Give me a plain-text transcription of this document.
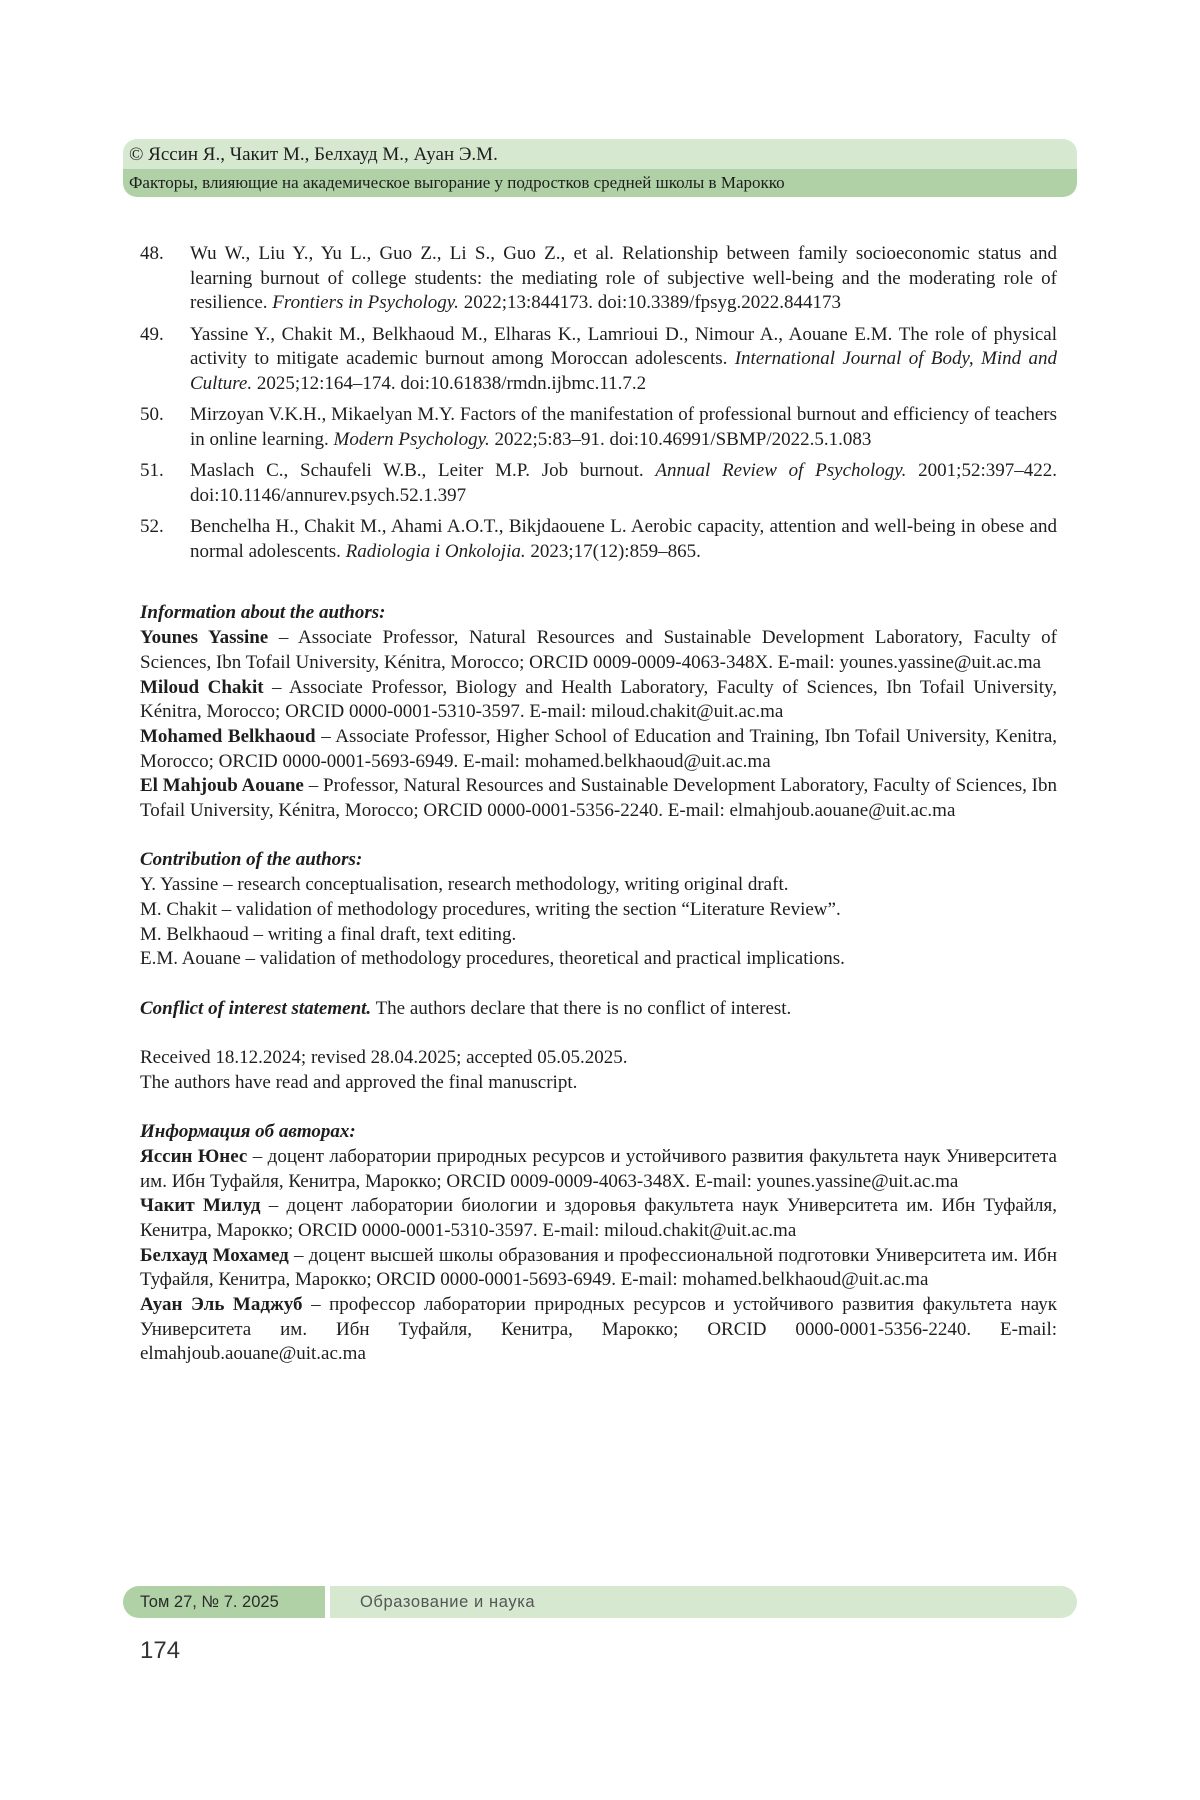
© Яссин Я., Чакит М., Белхауд М., Ауан Э.М.
Факторы, влияющие на академическое выгорание у подростков средней школы в Марокко
48.	Wu W., Liu Y., Yu L., Guo Z., Li S., Guo Z., et al. Relationship between family socioeconomic status and learning burnout of college students: the mediating role of subjective well-being and the moderating role of resilience. Frontiers in Psychology. 2022;13:844173. doi:10.3389/fpsyg.2022.844173
49.	Yassine Y., Chakit M., Belkhaoud M., Elharas K., Lamrioui D., Nimour A., Aouane E.M. The role of physical activity to mitigate academic burnout among Moroccan adolescents. International Journal of Body, Mind and Culture. 2025;12:164–174. doi:10.61838/rmdn.ijbmc.11.7.2
50.	Mirzoyan V.K.H., Mikaelyan M.Y. Factors of the manifestation of professional burnout and efficiency of teachers in online learning. Modern Psychology. 2022;5:83–91. doi:10.46991/SBMP/2022.5.1.083
51.	Maslach C., Schaufeli W.B., Leiter M.P. Job burnout. Annual Review of Psychology. 2001;52:397–422. doi:10.1146/annurev.psych.52.1.397
52.	Benchelha H., Chakit M., Ahami A.O.T., Bikjdaouene L. Aerobic capacity, attention and well-being in obese and normal adolescents. Radiologia i Onkolojia. 2023;17(12):859–865.

Information about the authors:

Younes Yassine – Associate Professor, Natural Resources and Sustainable Development Laboratory, Faculty of Sciences, Ibn Tofail University, Kénitra, Morocco; ORCID 0009-0009-4063-348X. E-mail: younes.yassine@uit.ac.ma

Miloud Chakit – Associate Professor, Biology and Health Laboratory, Faculty of Sciences, Ibn Tofail University, Kénitra, Morocco; ORCID 0000-0001-5310-3597. E-mail: miloud.chakit@uit.ac.ma

Mohamed Belkhaoud – Associate Professor, Higher School of Education and Training, Ibn Tofail University, Kenitra, Morocco; ORCID 0000-0001-5693-6949. E-mail: mohamed.belkhaoud@uit.ac.ma

El Mahjoub Aouane – Professor, Natural Resources and Sustainable Development Laboratory, Faculty of Sciences, Ibn Tofail University, Kénitra, Morocco; ORCID 0000-0001-5356-2240. E-mail: elmahjoub.aouane@uit.ac.ma

Contribution of the authors:

Y. Yassine – research conceptualisation, research methodology, writing original draft.

M. Chakit – validation of methodology procedures, writing the section “Literature Review”.

M. Belkhaoud – writing a final draft, text editing.

E.M. Aouane – validation of methodology procedures, theoretical and practical implications.

Conflict of interest statement. The authors declare that there is no conflict of interest.

Received 18.12.2024; revised 28.04.2025; accepted 05.05.2025.

The authors have read and approved the final manuscript.

Информация об авторах:

Яссин Юнес – доцент лаборатории природных ресурсов и устойчивого развития факультета наук Университета им. Ибн Туфайля, Кенитра, Марокко; ORCID 0009-0009-4063-348X. E-mail: younes.yassine@uit.ac.ma

Чакит Милуд – доцент лаборатории биологии и здоровья факультета наук Университета им. Ибн Туфайля, Кенитра, Марокко; ORCID 0000-0001-5310-3597. E-mail: miloud.chakit@uit.ac.ma

Белхауд Мохамед – доцент высшей школы образования и профессиональной подготовки Университета им. Ибн Туфайля, Кенитра, Марокко; ORCID 0000-0001-5693-6949. E-mail: mohamed.belkhaoud@uit.ac.ma

Ауан Эль Маджуб – профессор лаборатории природных ресурсов и устойчивого развития факультета наук Университета им. Ибн Туфайля, Кенитра, Марокко; ORCID 0000-0001-5356-2240. E-mail: elmahjoub.aouane@uit.ac.ma

Том 27, № 7. 2025	Образование и наука
174
